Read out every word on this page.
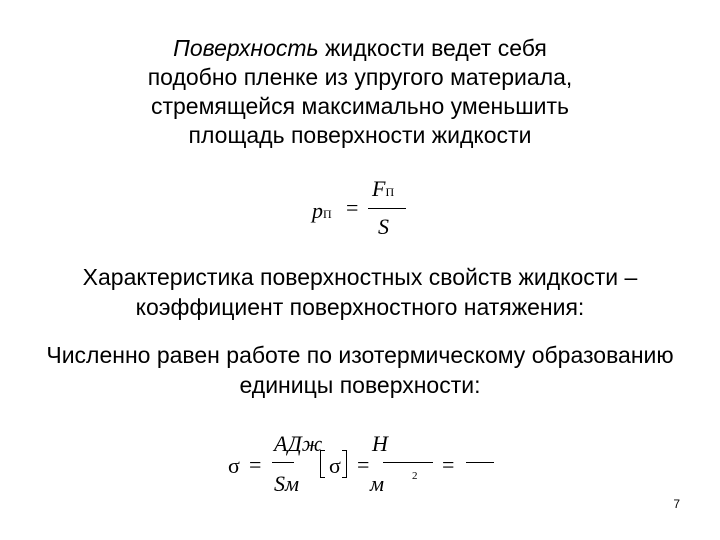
Поверхность жидкости ведет себя
подобно пленке из упругого материала,
стремящейся максимально уменьшить
площадь поверхности жидкости
pП =
FП
S
Характеристика поверхностных свойств жидкости –
коэффициент поверхностного натяжения:
Численно равен работе по изотермическому образованию
единицы поверхности:
σ =
АДж
Sм
σ =
Н
м	2 =
7
